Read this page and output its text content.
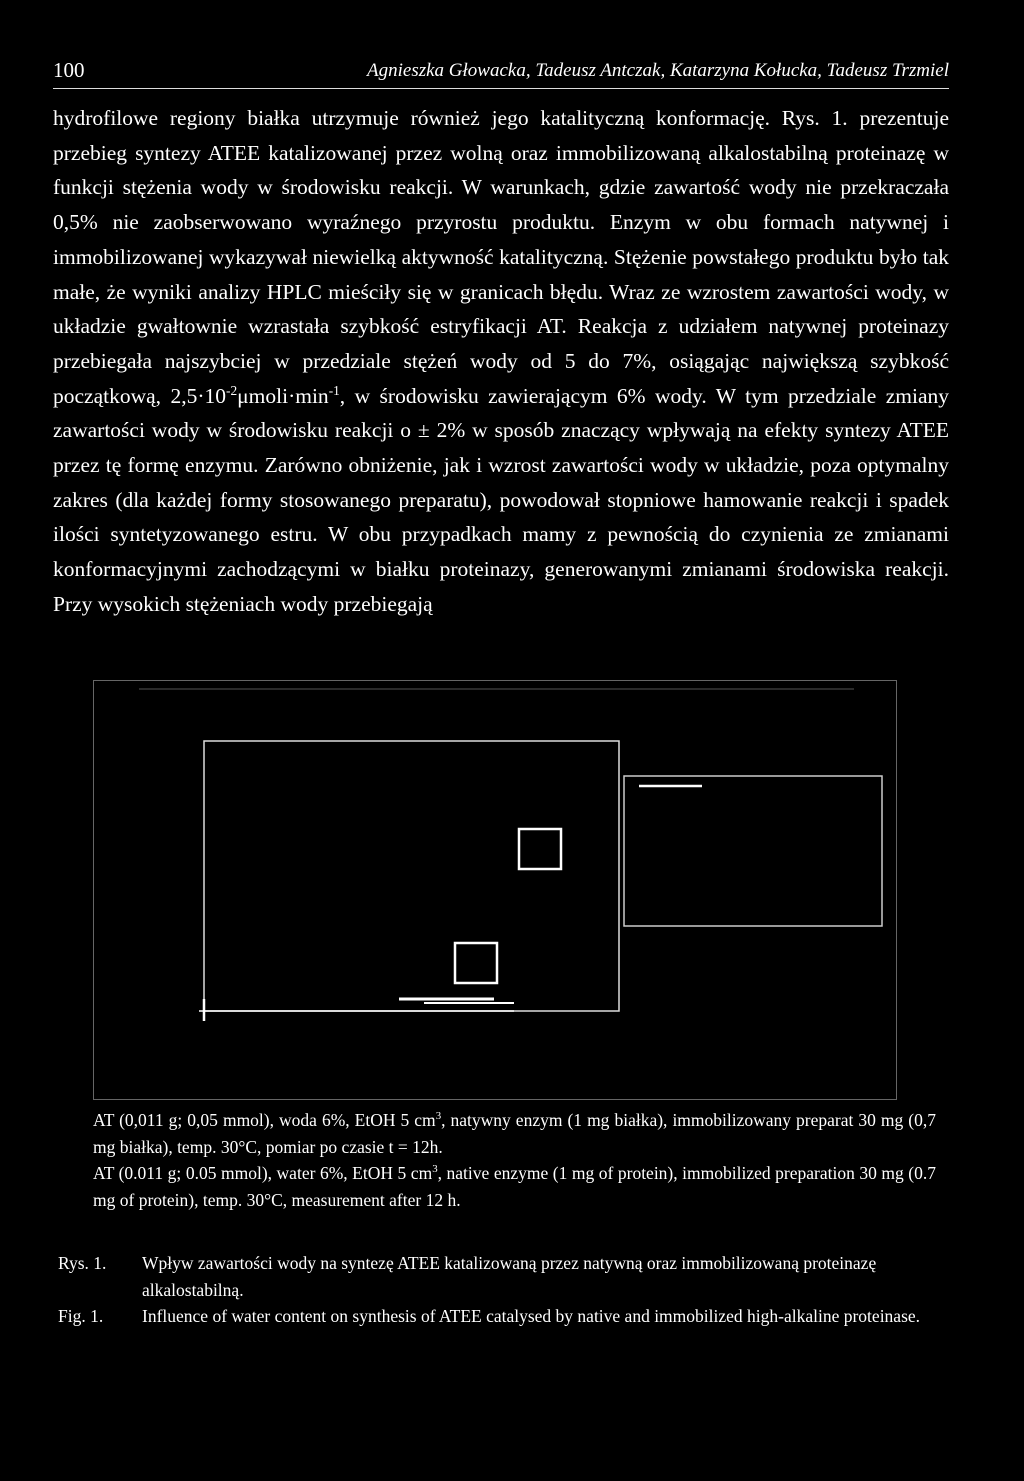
100	Agnieszka Głowacka, Tadeusz Antczak, Katarzyna Kołucka, Tadeusz Trzmiel

hydrofilowe regiony białka utrzymuje również jego katalityczną konformację. Rys. 1. prezentuje przebieg syntezy ATEE katalizowanej przez wolną oraz immobilizowaną alkalostabilną proteinazę w funkcji stężenia wody w środowisku reakcji. W warunkach, gdzie zawartość wody nie przekraczała 0,5% nie zaobserwowano wyraźnego przyrostu produktu. Enzym w obu formach natywnej i immobilizowanej wykazywał niewielką aktywność katalityczną. Stężenie powstałego produktu było tak małe, że wyniki analizy HPLC mieściły się w granicach błędu. Wraz ze wzrostem zawartości wody, w układzie gwałtownie wzrastała szybkość estryfikacji AT. Reakcja z udziałem natywnej proteinazy przebiegała najszybciej w przedziale stężeń wody od 5 do 7%, osiągając największą szybkość początkową, $2,5\cdot 10^{-2}\mu moli\cdot\min^{-1}$, w środowisku zawierającym 6% wody. W tym przedziale zmiany zawartości wody w środowisku reakcji o ± 2% w sposób znaczący wpływają na efekty syntezy ATEE przez tę formę enzymu. Zarówno obniżenie, jak i wzrost zawartości wody w układzie, poza optymalny zakres (dla każdej formy stosowanego preparatu), powodował stopniowe hamowanie reakcji i spadek ilości syntetyzowanego estru. W obu przypadkach mamy z pewnością do czynienia ze zmianami konformacyjnymi zachodzącymi w białku proteinazy, generowanymi zmianami środowiska reakcji. Przy wysokich stężeniach wody przebiegają

AT (0,011 g; 0,05 mmol), woda 6%, EtOH 5 $cm^3$, natywny enzym (1 mg białka), immobilizowany preparat 30 mg (0,7 mg białka), temp. 30°C, pomiar po czasie t = 12h.

AT (0.011 g; 0.05 mmol), water 6%, EtOH 5 $cm^3$, native enzyme (1 mg of protein), immobilized preparation 30 mg (0.7 mg of protein), temp. 30°C, measurement after 12 h.

Rys. 1.	Wpływ zawartości wody na syntezę ATEE katalizowaną przez natywną oraz immobilizowaną proteinazę alkalostabilną.
Fig. 1.	Influence of water content on synthesis of ATEE catalysed by native and immobilized high-alkaline proteinase.
